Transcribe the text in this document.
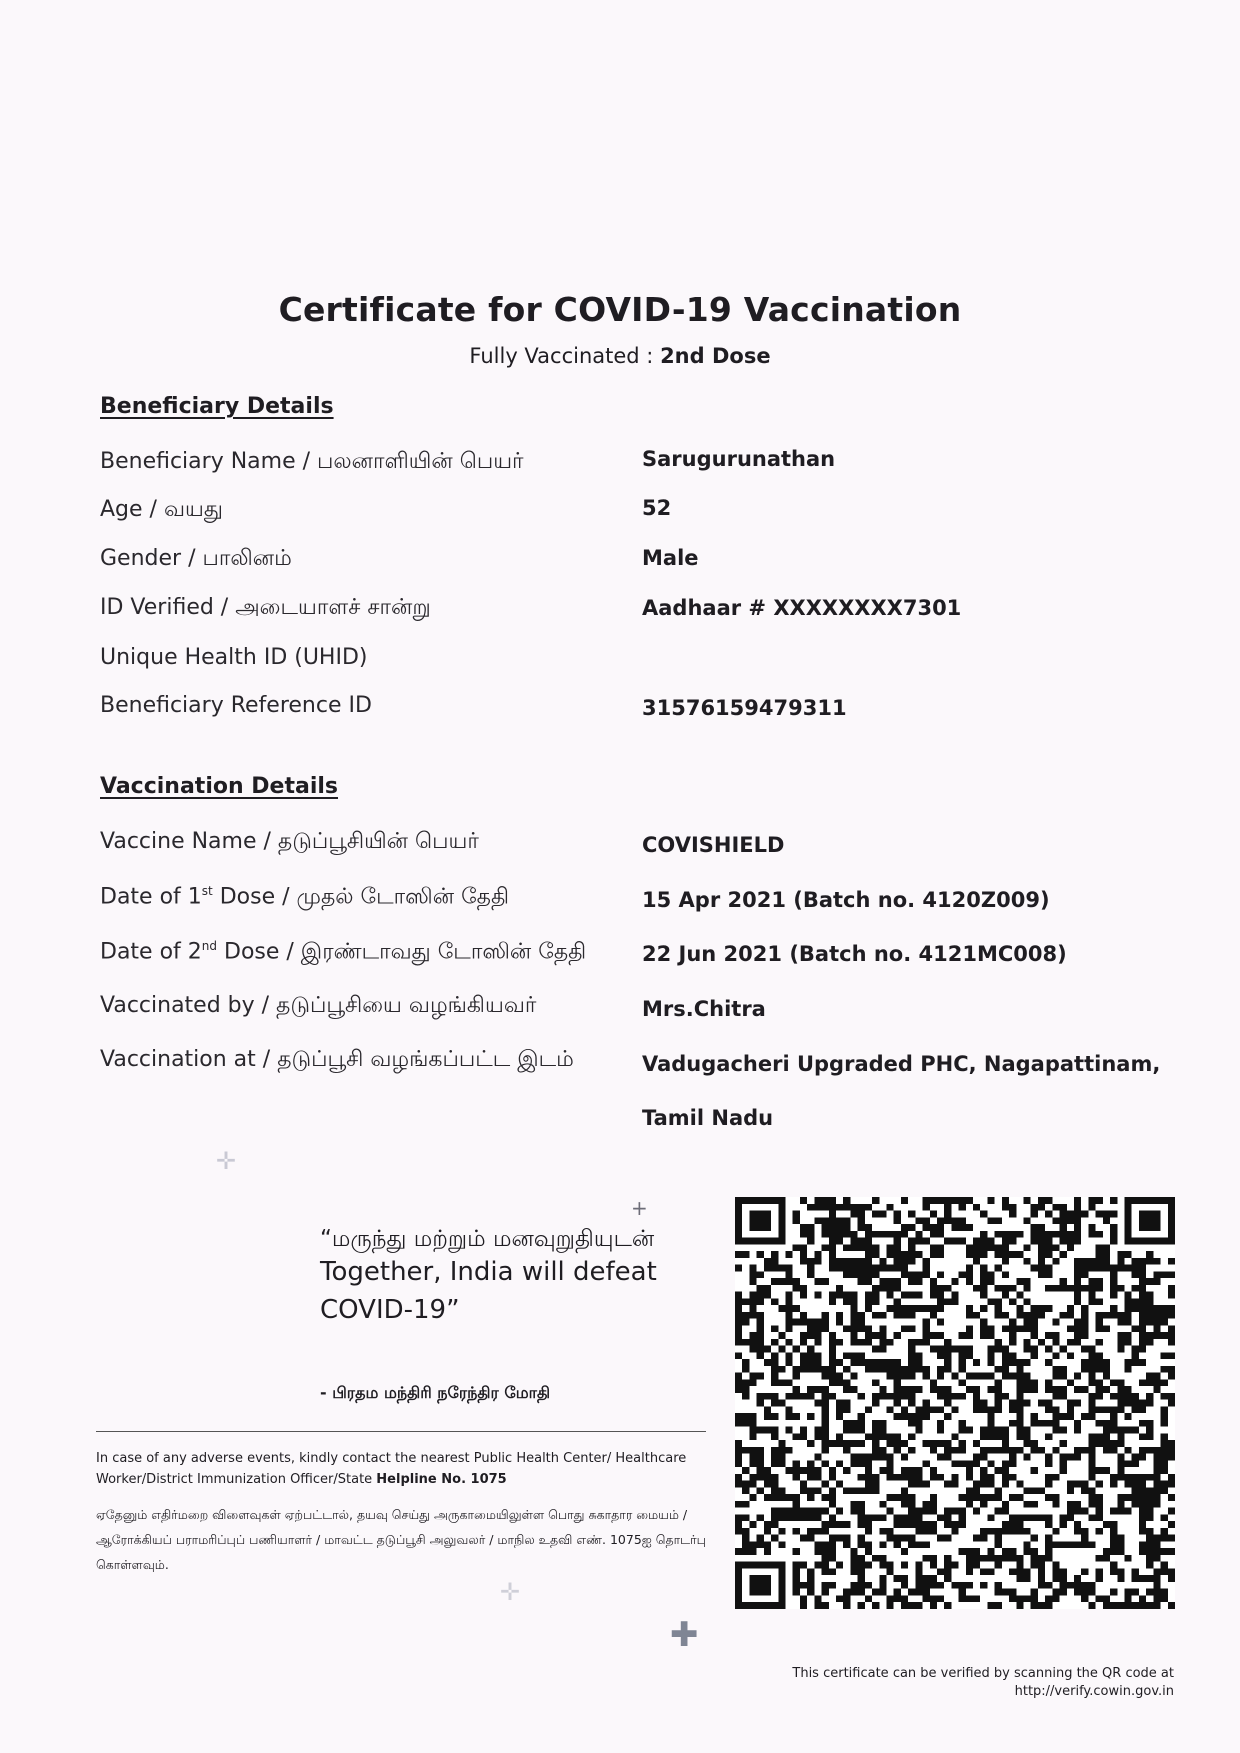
Certificate for COVID-19 Vaccination
Fully Vaccinated : 2nd Dose
Beneficiary Details
Beneficiary Name / பலனாளியின் பெயர்	Sarugurunathan
Age / வயது	52
Gender / பாலினம்	Male
ID Verified / அடையாளச் சான்று	Aadhaar # XXXXXXXX7301
Unique Health ID (UHID)
Beneficiary Reference ID	31576159479311
Vaccination Details
Vaccine Name / தடுப்பூசியின் பெயர்	COVISHIELD
Date of 1st Dose / முதல் டோஸின் தேதி	15 Apr 2021 (Batch no. 4120Z009)
Date of 2nd Dose / இரண்டாவது டோஸின் தேதி	22 Jun 2021 (Batch no. 4121MC008)
Vaccinated by / தடுப்பூசியை வழங்கியவர்	Mrs.Chitra
Vaccination at / தடுப்பூசி வழங்கப்பட்ட இடம்	Vadugacheri Upgraded PHC, Nagapattinam, Tamil Nadu
✛
+
✛
✚
“மருந்து மற்றும் மனவுறுதியுடன்
Together, India will defeat COVID-19”
- பிரதம மந்திரி நரேந்திர மோதி
In case of any adverse events, kindly contact the nearest Public Health Center/ Healthcare Worker/District Immunization Officer/State Helpline No. 1075
ஏதேனும் எதிர்மறை விளைவுகள் ஏற்பட்டால், தயவு செய்து அருகாமையிலுள்ள பொது சுகாதார மையம் / ஆரோக்கியப் பராமரிப்புப் பணியாளர் / மாவட்ட தடுப்பூசி அலுவலர் / மாநில உதவி எண். 1075ஐ தொடர்பு கொள்ளவும்.
This certificate can be verified by scanning the QR code at
http://verify.cowin.gov.in
